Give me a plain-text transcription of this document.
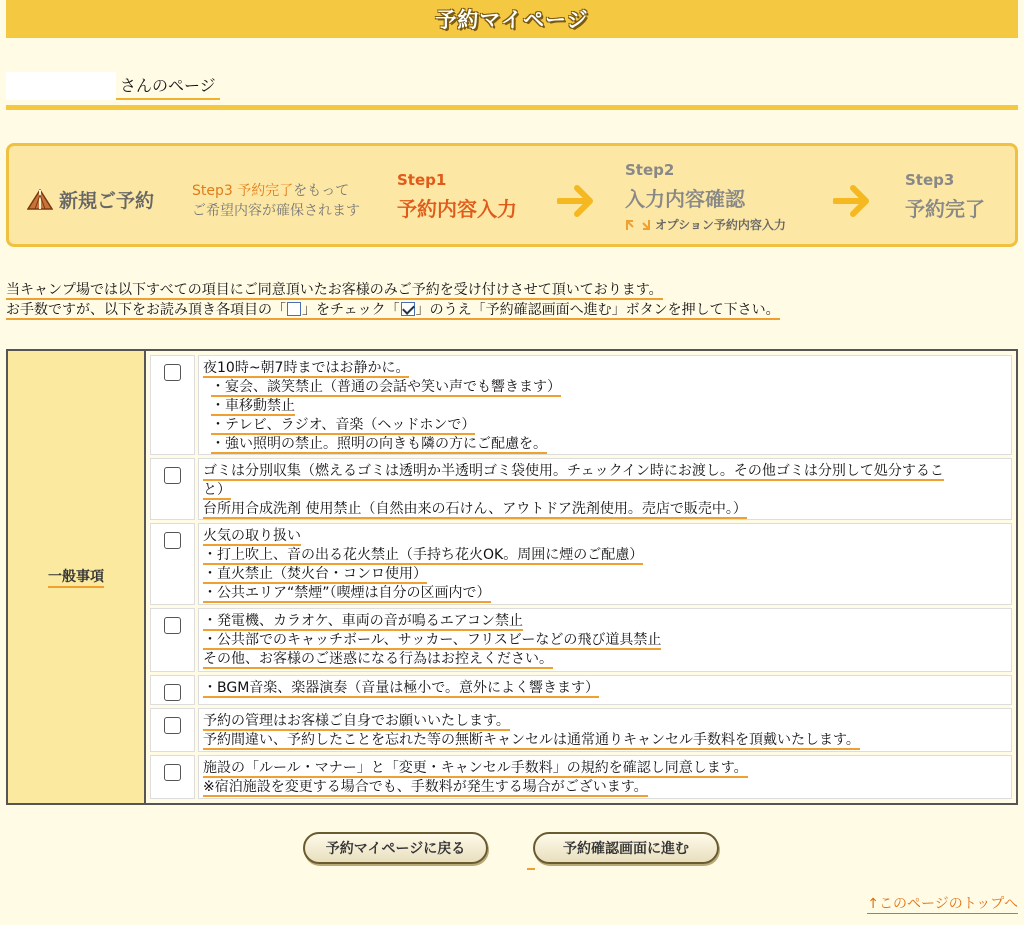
予約マイページ
さんのページ
新規ご予約	Step3 予約完了をもって
ご希望内容が確保されます
Step1
予約内容入力
Step2
入力内容確認
オプション予約内容入力
Step3
予約完了
当キャンプ場では以下すべての項目にご同意頂いたお客様のみご予約を受け付けさせて頂いております。
お手数ですが、以下をお読み頂き各項目の「 」をチェック「 」のうえ「予約確認画面へ進む」ボタンを押して下さい。
一般事項
夜10時~朝7時まではお静かに。
・宴会、談笑禁止（普通の会話や笑い声でも響きます）
・車移動禁止
・テレビ、ラジオ、音楽（ヘッドホンで）
・強い照明の禁止。照明の向きも隣の方にご配慮を。
ゴミは分別収集（燃えるゴミは透明か半透明ゴミ袋使用。チェックイン時にお渡し。その他ゴミは分別して処分するこ
と）
台所用合成洗剤 使用禁止（自然由来の石けん、アウトドア洗剤使用。売店で販売中。）
火気の取り扱い
・打上吹上、音の出る花火禁止（手持ち花火OK。周囲に煙のご配慮）
・直火禁止（焚火台・コンロ使用）
・公共エリア“禁煙”（喫煙は自分の区画内で）
・発電機、カラオケ、車両の音が鳴るエアコン禁止
・公共部でのキャッチボール、サッカー、フリスビーなどの飛び道具禁止
その他、お客様のご迷惑になる行為はお控えください。
・BGM音楽、楽器演奏（音量は極小で。意外によく響きます）
予約の管理はお客様ご自身でお願いいたします。
予約間違い、予約したことを忘れた等の無断キャンセルは通常通りキャンセル手数料を頂戴いたします。
施設の「ルール・マナー」と「変更・キャンセル手数料」の規約を確認し同意します。
※宿泊施設を変更する場合でも、手数料が発生する場合がございます。
予約マイページに戻る	予約確認画面に進む
↑このページのトップへ
